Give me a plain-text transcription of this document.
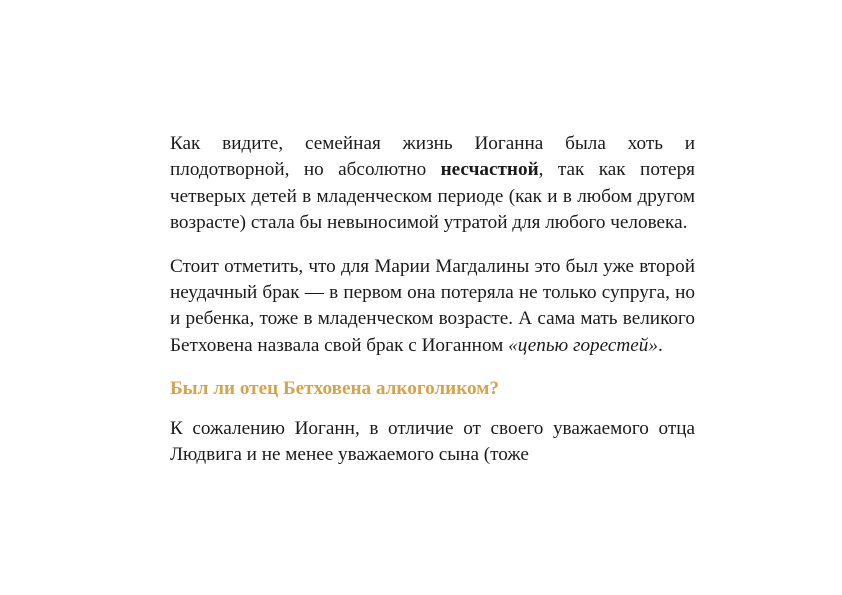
Как видите, семейная жизнь Иоганна была хоть и плодотворной, но абсолютно несчастной, так как потеря четверых детей в младенческом периоде (как и в любом другом возрасте) стала бы невыносимой утратой для любого человека.

Стоит отметить, что для Марии Магдалины это был уже второй неудачный брак — в первом она потеряла не только супруга, но и ребенка, тоже в младенческом возрасте. А сама мать великого Бетховена назвала свой брак с Иоганном «цепью горестей».

Был ли отец Бетховена алкоголиком?

К сожалению Иоганн, в отличие от своего уважаемого отца Людвига и не менее уважаемого сына (тоже
